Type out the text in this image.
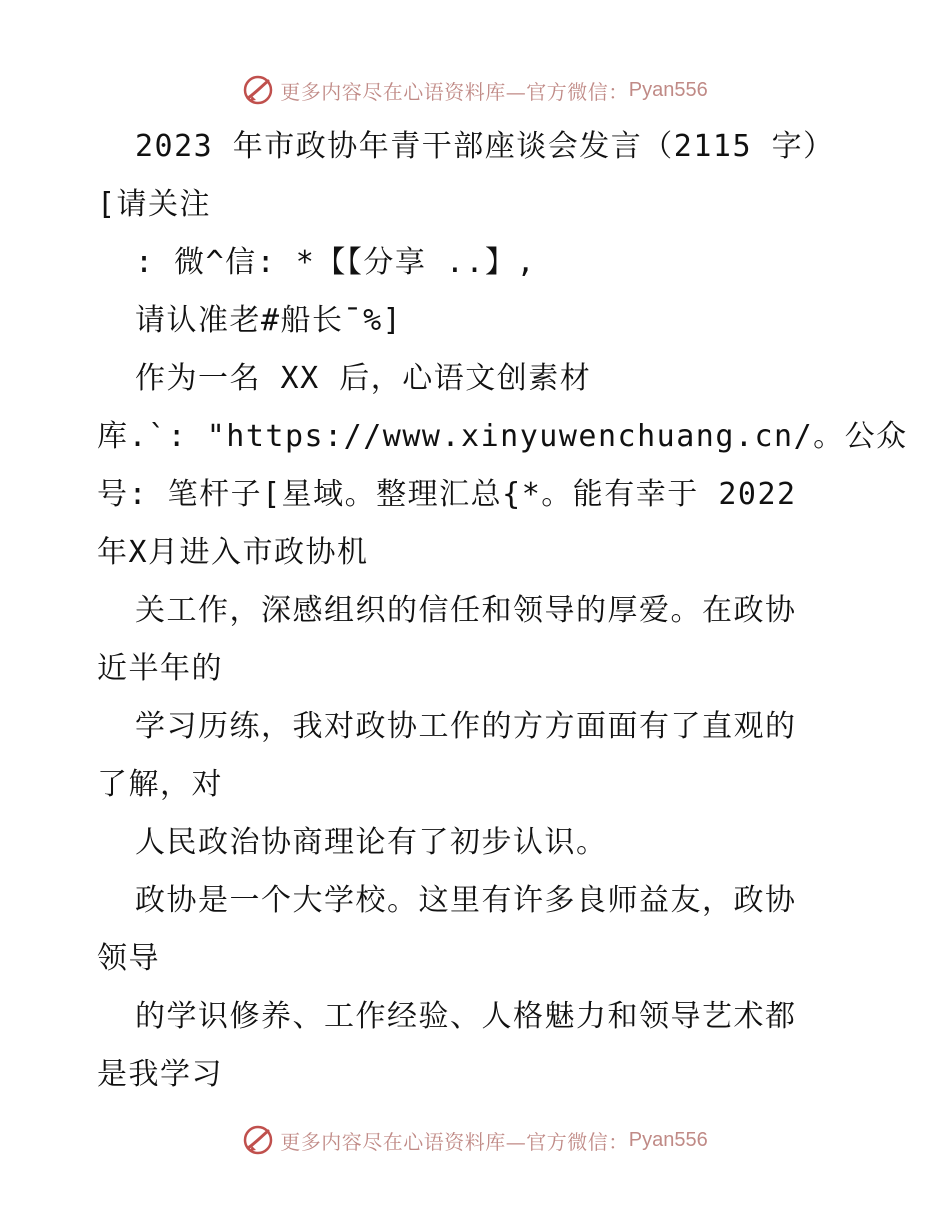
更多内容尽在心语资料库—官方微信： Pyan556
2023 年市政协年青干部座谈会发言（2115 字）
[请关注
: 微^信: *【【分享 ..】,
请认准老#船长¯%]
作为一名 XX 后，心语文创素材
库.`: "https://www.xinyuwenchuang.cn/。公众
号: 笔杆子[星域。整理汇总{*。能有幸于 2022
年X月进入市政协机
关工作，深感组织的信任和领导的厚爱。在政协
近半年的
学习历练，我对政协工作的方方面面有了直观的
了解，对
人民政治协商理论有了初步认识。
政协是一个大学校。这里有许多良师益友，政协
领导
的学识修养、工作经验、人格魅力和领导艺术都
是我学习
更多内容尽在心语资料库—官方微信： Pyan556
